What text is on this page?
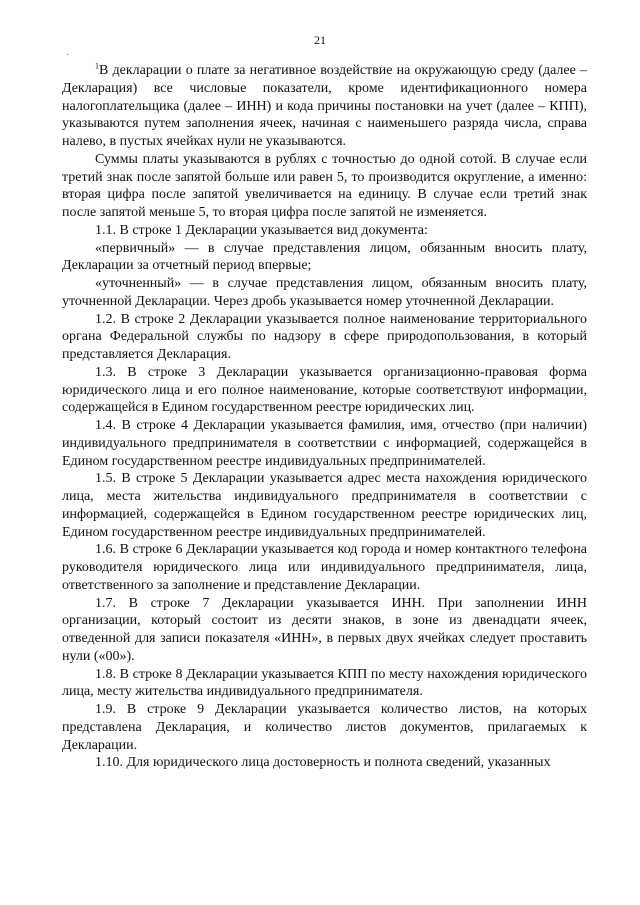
21
·

$^1$В декларации о плате за негативное воздействие на окружающую среду (далее – Декларация) все числовые показатели, кроме идентификационного номера налогоплательщика (далее – ИНН) и кода причины постановки на учет (далее – КПП), указываются путем заполнения ячеек, начиная с наименьшего разряда числа, справа налево, в пустых ячейках нули не указываются.

Суммы платы указываются в рублях с точностью до одной сотой. В случае если третий знак после запятой больше или равен 5, то производится округление, а именно: вторая цифра после запятой увеличивается на единицу. В случае если третий знак после запятой меньше 5, то вторая цифра после запятой не изменяется.

1.1. В строке 1 Декларации указывается вид документа:

«первичный» — в случае представления лицом, обязанным вносить плату, Декларации за отчетный период впервые;

«уточненный» — в случае представления лицом, обязанным вносить плату, уточненной Декларации. Через дробь указывается номер уточненной Декларации.

1.2. В строке 2 Декларации указывается полное наименование территориального органа Федеральной службы по надзору в сфере природопользования, в который представляется Декларация.

1.3. В строке 3 Декларации указывается организационно-правовая форма юридического лица и его полное наименование, которые соответствуют информации, содержащейся в Едином государственном реестре юридических лиц.

1.4. В строке 4 Декларации указывается фамилия, имя, отчество (при наличии) индивидуального предпринимателя в соответствии с информацией, содержащейся в Едином государственном реестре индивидуальных предпринимателей.

1.5. В строке 5 Декларации указывается адрес места нахождения юридического лица, места жительства индивидуального предпринимателя в соответствии с информацией, содержащейся в Едином государственном реестре юридических лиц, Едином государственном реестре индивидуальных предпринимателей.

1.6. В строке 6 Декларации указывается код города и номер контактного телефона руководителя юридического лица или индивидуального предпринимателя, лица, ответственного за заполнение и представление Декларации.

1.7. В строке 7 Декларации указывается ИНН. При заполнении ИНН организации, который состоит из десяти знаков, в зоне из двенадцати ячеек, отведенной для записи показателя «ИНН», в первых двух ячейках следует проставить нули («00»).

1.8. В строке 8 Декларации указывается КПП по месту нахождения юридического лица, месту жительства индивидуального предпринимателя.

1.9. В строке 9 Декларации указывается количество листов, на которых представлена Декларация, и количество листов документов, прилагаемых к Декларации.

1.10. Для юридического лица достоверность и полнота сведений, указанных
